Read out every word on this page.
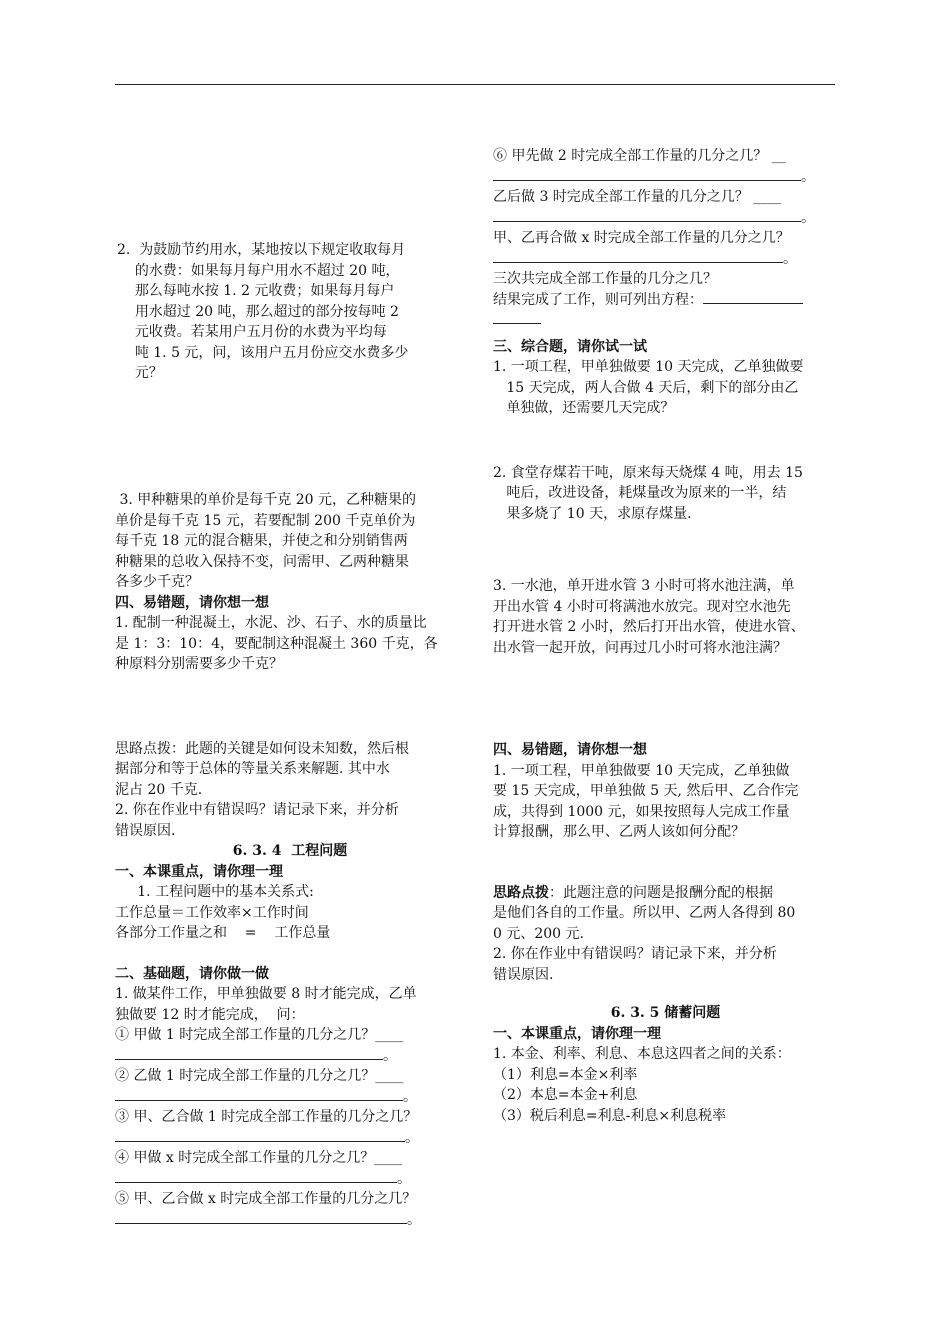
2.  为鼓励节约用水，某地按以下规定收取每月
的水费：如果每月每户用水不超过 20 吨，
那么每吨水按 1. 2 元收费；如果每月每户
用水超过 20 吨，那么超过的部分按每吨 2
元收费。若某用户五月份的水费为平均每
吨 1. 5 元，问，该用户五月份应交水费多少
元？
3. 甲种糖果的单价是每千克 20 元，乙种糖果的
单价是每千克 15 元，若要配制 200 千克单价为
每千克 18 元的混合糖果，并使之和分别销售两
种糖果的总收入保持不变，问需甲、乙两种糖果
各多少千克？
四、易错题，请你想一想
1. 配制一种混凝土，水泥、沙、石子、水的质量比
是 1：3：10：4，要配制这种混凝土 360 千克，各
种原料分别需要多少千克？
思路点拨：此题的关键是如何设未知数，然后根
据部分和等于总体的等量关系来解题. 其中水
泥占 20 千克.
2. 你在作业中有错误吗？请记录下来，并分析
错误原因.
6. 3. 4  工程问题
一、本课重点，请你理一理
1. 工程问题中的基本关系式:
工作总量＝工作效率×工作时间
各部分工作量之和    =    工作总量
二、基础题，请你做一做
1. 做某件工作，甲单独做要 8 时才能完成，乙单
独做要 12 时才能完成，  问：
① 甲做 1 时完成全部工作量的几分之几？____
。
② 乙做 1 时完成全部工作量的几分之几？____
。
③ 甲、乙合做 1 时完成全部工作量的几分之几？
。
④ 甲做 x 时完成全部工作量的几分之几？____
。
⑤ 甲、乙合做 x 时完成全部工作量的几分之几？
。
⑥ 甲先做 2 时完成全部工作量的几分之几？ __
。
乙后做 3 时完成全部工作量的几分之几？ ____
。
甲、乙再合做 x 时完成全部工作量的几分之几？
。
三次共完成全部工作量的几分之几？
结果完成了工作，则可列出方程：
三、综合题，请你试一试
1. 一项工程，甲单独做要 10 天完成，乙单独做要
15 天完成，两人合做 4 天后，剩下的部分由乙
单独做，还需要几天完成？
2. 食堂存煤若干吨，原来每天烧煤 4 吨，用去 15
吨后，改进设备，耗煤量改为原来的一半，结
果多烧了 10 天，求原存煤量.
3. 一水池，单开进水管 3 小时可将水池注满，单
开出水管 4 小时可将满池水放完。现对空水池先
打开进水管 2 小时，然后打开出水管，使进水管、
出水管一起开放，问再过几小时可将水池注满？
四、易错题，请你想一想
1. 一项工程，甲单独做要 10 天完成，乙单独做
要 15 天完成，甲单独做 5 天, 然后甲、乙合作完
成，共得到 1000 元，如果按照每人完成工作量
计算报酬，那么甲、乙两人该如何分配？
思路点拨：此题注意的问题是报酬分配的根据
是他们各自的工作量。所以甲、乙两人各得到 80
0 元、200 元.
2. 你在作业中有错误吗？请记录下来，并分析
错误原因.
6. 3. 5 储蓄问题
一、本课重点，请你理一理
1. 本金、利率、利息、本息这四者之间的关系：
（1）利息=本金×利率
（2）本息=本金+利息
（3）税后利息=利息-利息×利息税率
